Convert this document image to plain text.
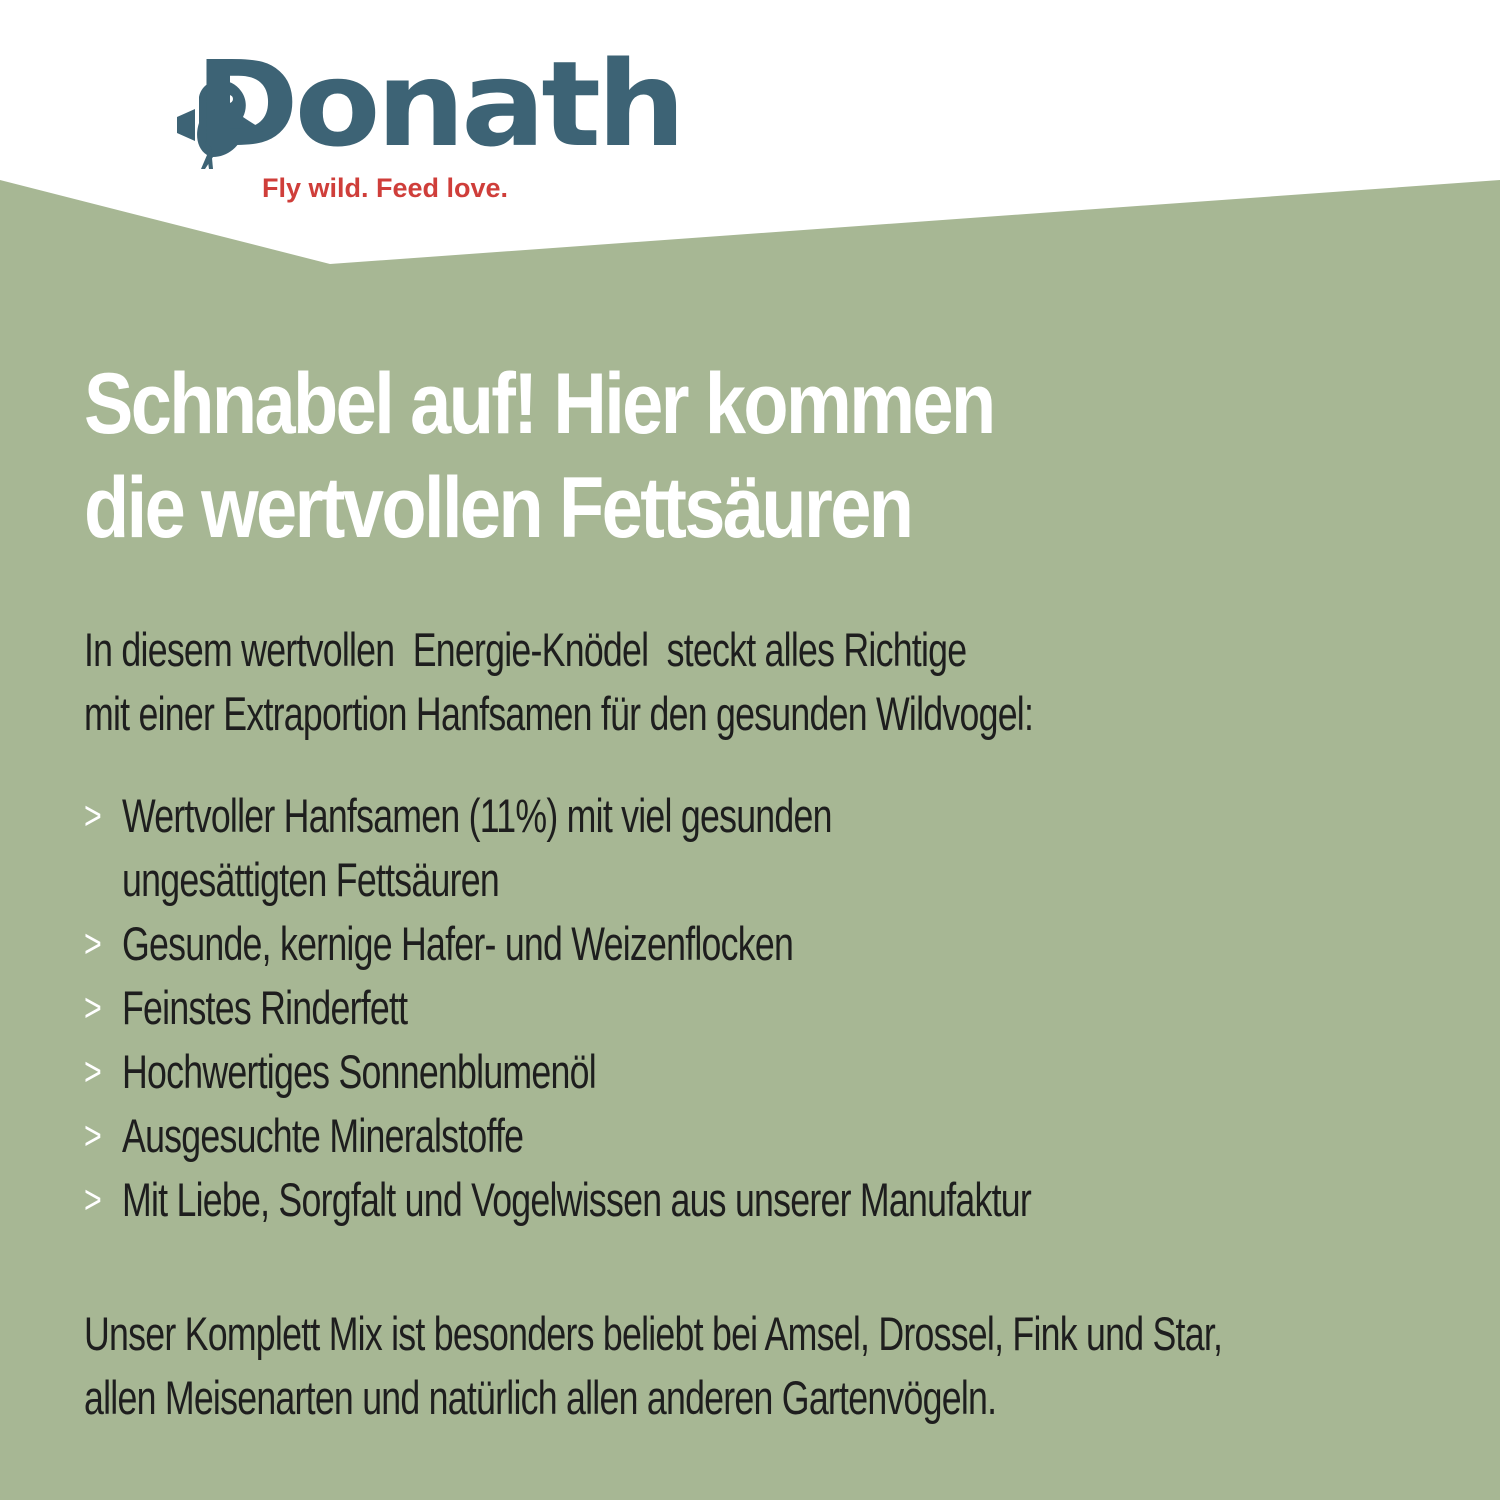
Donath
Fly wild. Feed love.
Schnabel auf! Hier kommen
die wertvollen Fettsäuren

In diesem wertvollen  Energie-Knödel  steckt alles Richtige
mit einer Extraportion Hanfsamen für den gesunden Wildvogel:

> Wertvoller Hanfsamen (11%) mit viel gesunden
ungesättigten Fettsäuren
> Gesunde, kernige Hafer- und Weizenflocken
> Feinstes Rinderfett
> Hochwertiges Sonnenblumenöl
> Ausgesuchte Mineralstoffe
> Mit Liebe, Sorgfalt und Vogelwissen aus unserer Manufaktur

Unser Komplett Mix ist besonders beliebt bei Amsel, Drossel, Fink und Star,
allen Meisenarten und natürlich allen anderen Gartenvögeln.
